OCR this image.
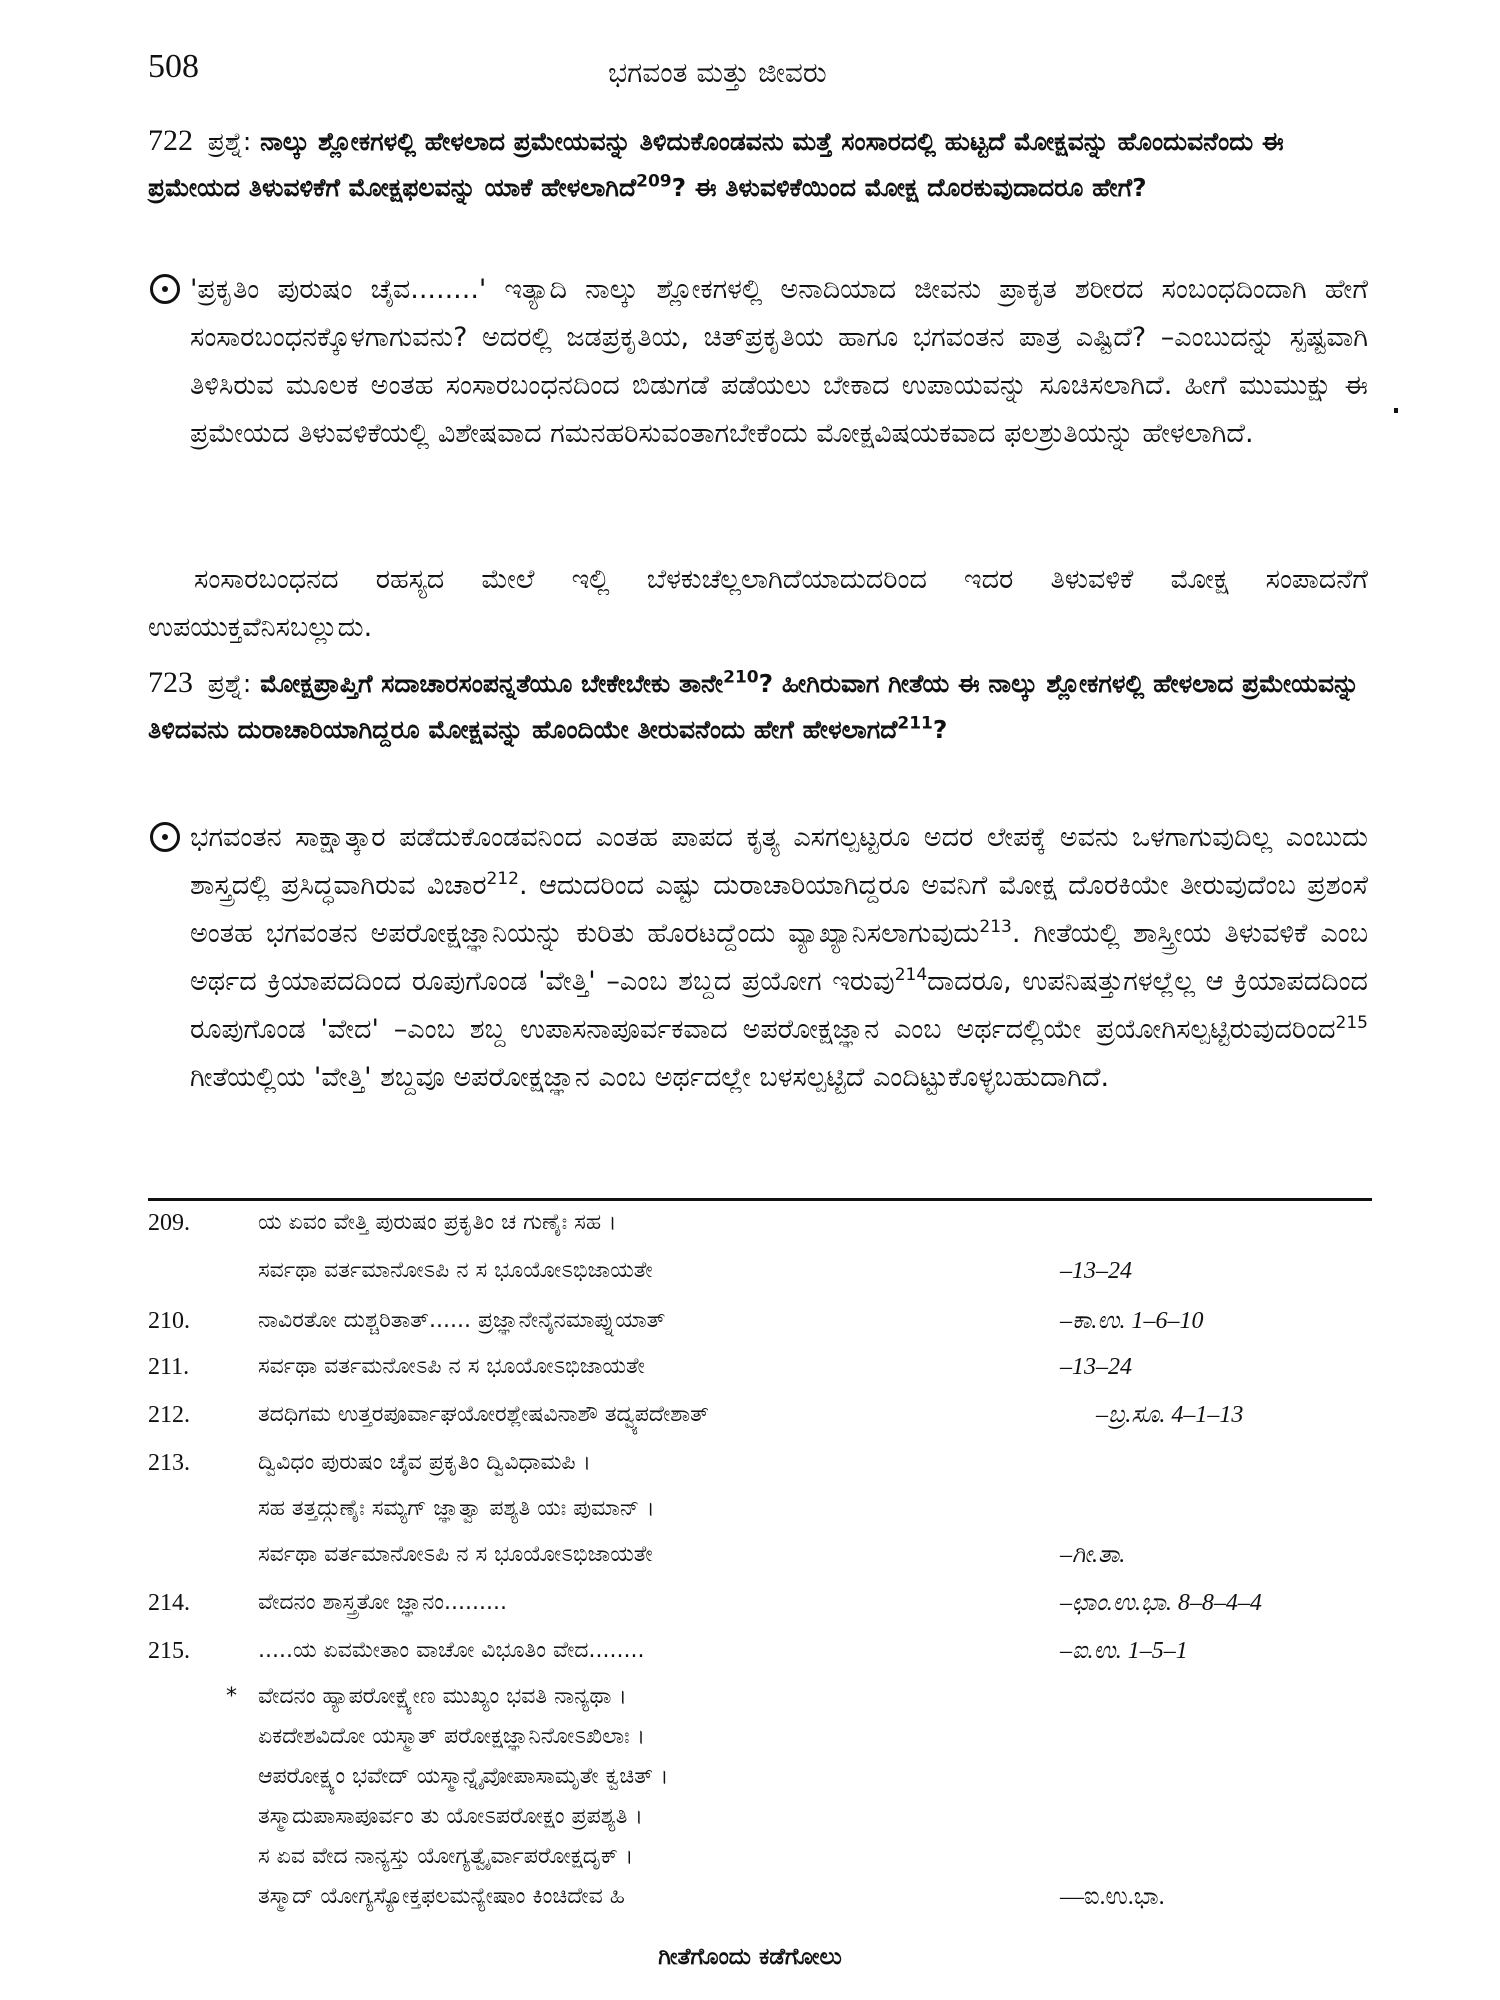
508	ಭಗವಂತ ಮತ್ತು ಜೀವರು
722 ಪ್ರಶ್ನೆ: ನಾಲ್ಕು ಶ್ಲೋಕಗಳಲ್ಲಿ ಹೇಳಲಾದ ಪ್ರಮೇಯವನ್ನು ತಿಳಿದುಕೊಂಡವನು ಮತ್ತೆ ಸಂಸಾರದಲ್ಲಿ ಹುಟ್ಟದೆ ಮೋಕ್ಷವನ್ನು ಹೊಂದುವನೆಂದು ಈ ಪ್ರಮೇಯದ ತಿಳುವಳಿಕೆಗೆ ಮೋಕ್ಷಫಲವನ್ನು ಯಾಕೆ ಹೇಳಲಾಗಿದೆ$^{209}$? ಈ ತಿಳುವಳಿಕೆಯಿಂದ ಮೋಕ್ಷ ದೊರಕುವುದಾದರೂ ಹೇಗೆ?
'ಪ್ರಕೃತಿಂ ಪುರುಷಂ ಚೈವ........' ಇತ್ಯಾದಿ ನಾಲ್ಕು ಶ್ಲೋಕಗಳಲ್ಲಿ ಅನಾದಿಯಾದ ಜೀವನು ಪ್ರಾಕೃತ ಶರೀರದ ಸಂಬಂಧದಿಂದಾಗಿ ಹೇಗೆ ಸಂಸಾರಬಂಧನಕ್ಕೊಳಗಾಗುವನು? ಅದರಲ್ಲಿ ಜಡಪ್ರಕೃತಿಯ, ಚಿತ್‌ಪ್ರಕೃತಿಯ ಹಾಗೂ ಭಗವಂತನ ಪಾತ್ರ ಎಷ್ಟಿದೆ? –ಎಂಬುದನ್ನು ಸ್ಪಷ್ಟವಾಗಿ ತಿಳಿಸಿರುವ ಮೂಲಕ ಅಂತಹ ಸಂಸಾರಬಂಧನದಿಂದ ಬಿಡುಗಡೆ ಪಡೆಯಲು ಬೇಕಾದ ಉಪಾಯವನ್ನು ಸೂಚಿಸಲಾಗಿದೆ. ಹೀಗೆ ಮುಮುಕ್ಷು ಈ ಪ್ರಮೇಯದ ತಿಳುವಳಿಕೆಯಲ್ಲಿ ವಿಶೇಷವಾದ ಗಮನಹರಿಸುವಂತಾಗಬೇಕೆಂದು ಮೋಕ್ಷವಿಷಯಕವಾದ ಫಲಶ್ರುತಿಯನ್ನು ಹೇಳಲಾಗಿದೆ.
ಸಂಸಾರಬಂಧನದ ರಹಸ್ಯದ ಮೇಲೆ ಇಲ್ಲಿ ಬೆಳಕುಚೆಲ್ಲಲಾಗಿದೆಯಾದುದರಿಂದ ಇದರ ತಿಳುವಳಿಕೆ ಮೋಕ್ಷ ಸಂಪಾದನೆಗೆ ಉಪಯುಕ್ತವೆನಿಸಬಲ್ಲುದು.
723 ಪ್ರಶ್ನೆ: ಮೋಕ್ಷಪ್ರಾಪ್ತಿಗೆ ಸದಾಚಾರಸಂಪನ್ನತೆಯೂ ಬೇಕೇಬೇಕು ತಾನೇ$^{210}$? ಹೀಗಿರುವಾಗ ಗೀತೆಯ ಈ ನಾಲ್ಕು ಶ್ಲೋಕಗಳಲ್ಲಿ ಹೇಳಲಾದ ಪ್ರಮೇಯವನ್ನು ತಿಳಿದವನು ದುರಾಚಾರಿಯಾಗಿದ್ದರೂ ಮೋಕ್ಷವನ್ನು ಹೊಂದಿಯೇ ತೀರುವನೆಂದು ಹೇಗೆ ಹೇಳಲಾಗದೆ$^{211}$?
ಭಗವಂತನ ಸಾಕ್ಷಾತ್ಕಾರ ಪಡೆದುಕೊಂಡವನಿಂದ ಎಂತಹ ಪಾಪದ ಕೃತ್ಯ ಎಸಗಲ್ಪಟ್ಟರೂ ಅದರ ಲೇಪಕ್ಕೆ ಅವನು ಒಳಗಾಗುವುದಿಲ್ಲ ಎಂಬುದು ಶಾಸ್ತ್ರದಲ್ಲಿ ಪ್ರಸಿದ್ಧವಾಗಿರುವ ವಿಚಾರ$^{212}$. ಆದುದರಿಂದ ಎಷ್ಟು ದುರಾಚಾರಿಯಾಗಿದ್ದರೂ ಅವನಿಗೆ ಮೋಕ್ಷ ದೊರಕಿಯೇ ತೀರುವುದೆಂಬ ಪ್ರಶಂಸೆ ಅಂತಹ ಭಗವಂತನ ಅಪರೋಕ್ಷಜ್ಞಾನಿಯನ್ನು ಕುರಿತು ಹೊರಟದ್ದೆಂದು ವ್ಯಾಖ್ಯಾನಿಸಲಾಗುವುದು$^{213}$. ಗೀತೆಯಲ್ಲಿ ಶಾಸ್ತ್ರೀಯ ತಿಳುವಳಿಕೆ ಎಂಬ ಅರ್ಥದ ಕ್ರಿಯಾಪದದಿಂದ ರೂಪುಗೊಂಡ 'ವೇತ್ತಿ' –ಎಂಬ ಶಬ್ದದ ಪ್ರಯೋಗ ಇರುವು$^{214}$ದಾದರೂ, ಉಪನಿಷತ್ತುಗಳಲ್ಲೆಲ್ಲ ಆ ಕ್ರಿಯಾಪದದಿಂದ ರೂಪುಗೊಂಡ 'ವೇದ' –ಎಂಬ ಶಬ್ದ ಉಪಾಸನಾಪೂರ್ವಕವಾದ ಅಪರೋಕ್ಷಜ್ಞಾನ ಎಂಬ ಅರ್ಥದಲ್ಲಿಯೇ ಪ್ರಯೋಗಿಸಲ್ಪಟ್ಟಿರುವುದರಿಂದ$^{215}$ ಗೀತೆಯಲ್ಲಿಯ 'ವೇತ್ತಿ' ಶಬ್ದವೂ ಅಪರೋಕ್ಷಜ್ಞಾನ ಎಂಬ ಅರ್ಥದಲ್ಲೇ ಬಳಸಲ್ಪಟ್ಟಿದೆ ಎಂದಿಟ್ಟುಕೊಳ್ಳಬಹುದಾಗಿದೆ.
209.	ಯ ಏವಂ ವೇತ್ತಿ ಪುರುಷಂ ಪ್ರಕೃತಿಂ ಚ ಗುಣೈಃ ಸಹ ।
ಸರ್ವಥಾ ವರ್ತಮಾನೋಽಪಿ ನ ಸ ಭೂಯೋಽಭಿಜಾಯತೇ	–13–24
210.	ನಾವಿರತೋ ದುಶ್ಚರಿತಾತ್...... ಪ್ರಜ್ಞಾನೇನೈನಮಾಪ್ನುಯಾತ್	–ಕಾ.ಉ. 1–6–10
211.	ಸರ್ವಥಾ ವರ್ತಮನೋಽಪಿ ನ ಸ ಭೂಯೋಽಭಿಜಾಯತೇ	–13–24
212.	ತದಧಿಗಮ ಉತ್ತರಪೂರ್ವಾಘಯೋರಶ್ಲೇಷವಿನಾಶೌ ತದ್ವ್ಯಪದೇಶಾತ್	–ಬ್ರ.ಸೂ. 4–1–13
213.	ದ್ವಿವಿಧಂ ಪುರುಷಂ ಚೈವ ಪ್ರಕೃತಿಂ ದ್ವಿವಿಧಾಮಪಿ ।
ಸಹ ತತ್ತದ್ಗುಣೈಃ ಸಮ್ಯಗ್ ಜ್ಞಾತ್ವಾ ಪಶ್ಯತಿ ಯಃ ಪುಮಾನ್ ।
ಸರ್ವಥಾ ವರ್ತಮಾನೋಽಪಿ ನ ಸ ಭೂಯೋಽಭಿಜಾಯತೇ	–ಗೀ.ತಾ.
214.	ವೇದನಂ ಶಾಸ್ತ್ರತೋ ಜ್ಞಾನಂ.........	–ಛಾಂ.ಉ.ಭಾ. 8–8–4–4
215.	.....ಯ ಏವಮೇತಾಂ ವಾಚೋ ವಿಭೂತಿಂ ವೇದ........	–ಐ.ಉ. 1–5–1
* ವೇದನಂ ಹ್ಯಾಪರೋಕ್ಷ್ಯೇಣ ಮುಖ್ಯಂ ಭವತಿ ನಾನ್ಯಥಾ ।
ಏಕದೇಶವಿದೋ ಯಸ್ಮಾತ್ ಪರೋಕ್ಷಜ್ಞಾನಿನೋಽಖಿಲಾಃ ।
ಆಪರೋಕ್ಷ್ಯಂ ಭವೇದ್ ಯಸ್ಮಾನ್ನೈವೋಪಾಸಾಮೃತೇ ಕ್ವಚಿತ್ ।
ತಸ್ಮಾದುಪಾಸಾಪೂರ್ವಂ ತು ಯೋಽಪರೋಕ್ಷಂ ಪ್ರಪಶ್ಯತಿ ।
ಸ ಏವ ವೇದ ನಾನ್ಯಸ್ತು ಯೋಗ್ಯತ್ವೈರ್ವಾಪರೋಕ್ಷದೃಕ್ ।
ತಸ್ಮಾದ್ ಯೋಗ್ಯಸ್ಯೋಕ್ತಫಲಮನ್ಯೇಷಾಂ ಕಿಂಚಿದೇವ ಹಿ	––ಐ.ಉ.ಭಾ.
ಗೀತೆಗೊಂದು ಕಡೆಗೋಲು
